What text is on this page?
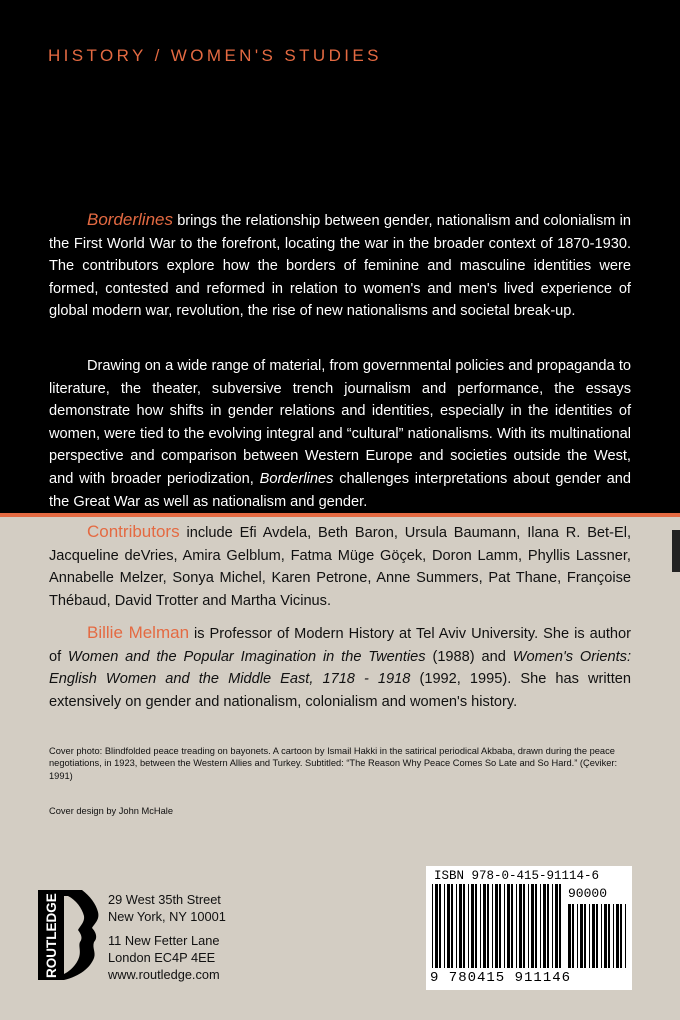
HISTORY / WOMEN'S STUDIES
Borderlines brings the relationship between gender, nationalism and colonialism in the First World War to the forefront, locating the war in the broader context of 1870-1930. The contributors explore how the borders of feminine and masculine identities were formed, contested and reformed in relation to women's and men's lived experience of global modern war, revolution, the rise of new nationalisms and societal break-up.
Drawing on a wide range of material, from governmental policies and propaganda to literature, the theater, subversive trench journalism and performance, the essays demonstrate how shifts in gender relations and identities, especially in the identities of women, were tied to the evolving integral and “cultural” nationalisms. With its multinational perspective and comparison between Western Europe and societies outside the West, and with broader periodization, Borderlines challenges interpretations about gender and the Great War as well as nationalism and gender.
Contributors include Efi Avdela, Beth Baron, Ursula Baumann, Ilana R. Bet-El, Jacqueline deVries, Amira Gelblum, Fatma Müge Göçek, Doron Lamm, Phyllis Lassner, Annabelle Melzer, Sonya Michel, Karen Petrone, Anne Summers, Pat Thane, Françoise Thébaud, David Trotter and Martha Vicinus.
Billie Melman is Professor of Modern History at Tel Aviv University. She is author of Women and the Popular Imagination in the Twenties (1988) and Women's Orients: English Women and the Middle East, 1718 - 1918 (1992, 1995). She has written extensively on gender and nationalism, colonialism and women's history.
Cover photo: Blindfolded peace treading on bayonets. A cartoon by Ismail Hakki in the satirical periodical Akbaba, drawn during the peace negotiations, in 1923, between the Western Allies and Turkey. Subtitled: “The Reason Why Peace Comes So Late and So Hard.” (Çeviker: 1991)
Cover design by John McHale
ROUTLEDGE	29 West 35th Street
New York, NY 10001
11 New Fetter Lane
London EC4P 4EE
www.routledge.com
ISBN 978-0-415-91114-6
90000
9 780415 911146
